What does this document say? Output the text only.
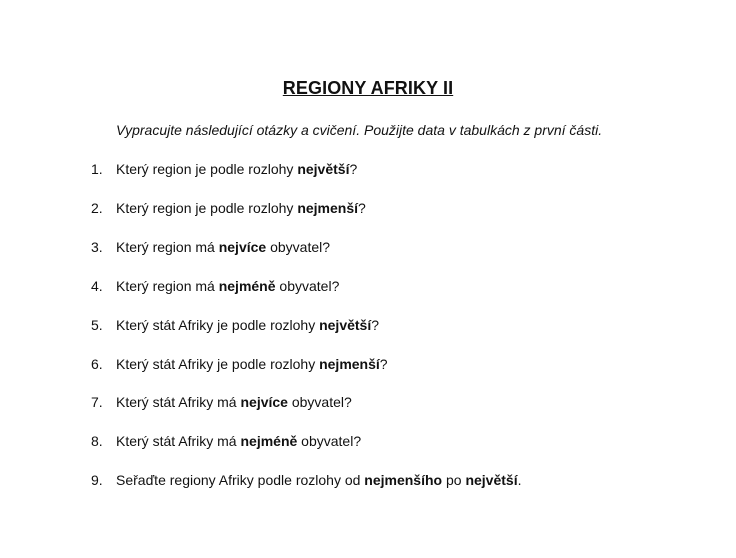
REGIONY AFRIKY II
Vypracujte následující otázky a cvičení. Použijte data v tabulkách z první části.
1. Který region je podle rozlohy největší?
2. Který region je podle rozlohy nejmenší?
3. Který region má nejvíce obyvatel?
4. Který region má nejméně obyvatel?
5. Který stát Afriky je podle rozlohy největší?
6. Který stát Afriky je podle rozlohy nejmenší?
7. Který stát Afriky má nejvíce obyvatel?
8. Který stát Afriky má nejméně obyvatel?
9. Seřaďte regiony Afriky podle rozlohy od nejmenšího po největší.
